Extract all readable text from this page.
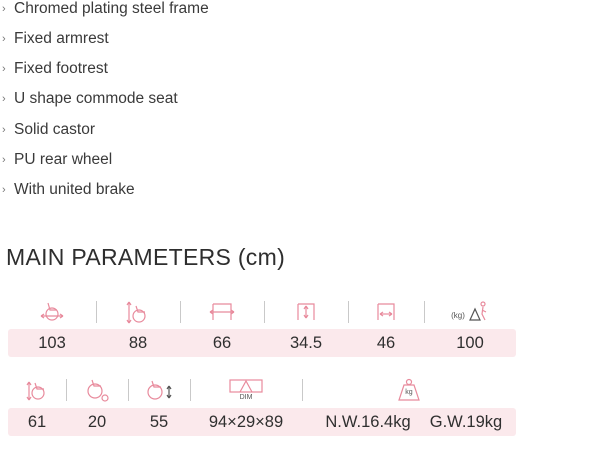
› Chromed plating steel frame
› Fixed armrest
› Fixed footrest
› U shape commode seat
› Solid castor
› PU rear wheel
› With united brake
MAIN PARAMETERS (cm)
(kg)
103	88	66	34.5	46	100
DIM
kg
61	20	55	94×29×89	N.W.16.4kg	G.W.19kg
